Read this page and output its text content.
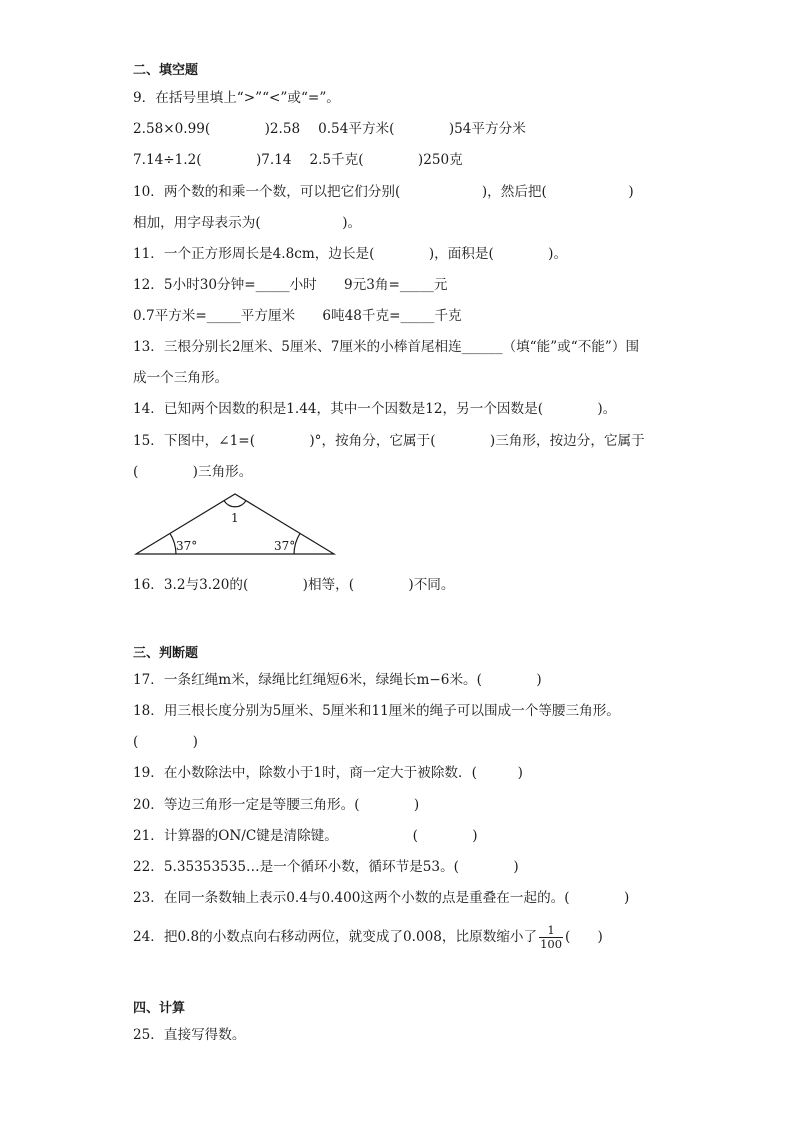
二、填空题
9．在括号里填上“>”“<”或“=”。
2.58×0.99(　　　　)2.58　 0.54平方米(　　　　)54平方分米
7.14÷1.2(　　　　)7.14　 2.5千克(　　　　)250克
10．两个数的和乘一个数，可以把它们分别(　　　　　　)，然后把(　　　　　　)
相加，用字母表示为(　　　　　　)。
11．一个正方形周长是4.8cm，边长是(　　　　)，面积是(　　　　)。
12．5小时30分钟=_____小时　　9元3角=_____元
0.7平方米=_____平方厘米　　6吨48千克=_____千克
13．三根分别长2厘米、5厘米、7厘米的小棒首尾相连______（填“能”或“不能”）围
成一个三角形。
14．已知两个因数的积是1.44，其中一个因数是12，另一个因数是(　　　　)。
15．下图中，∠1=(　　　　)°，按角分，它属于(　　　　)三角形，按边分，它属于
(　　　　)三角形。
1
37°	37°
16．3.2与3.20的(　　　　)相等，(　　　　)不同。
三、判断题
17．一条红绳m米，绿绳比红绳短6米，绿绳长m−6米。(　　　　)
18．用三根长度分别为5厘米、5厘米和11厘米的绳子可以围成一个等腰三角形。
(　　　　)
19．在小数除法中，除数小于1时，商一定大于被除数．(　　　)
20．等边三角形一定是等腰三角形。(　　　　)
21．计算器的ON/C键是清除键。　　　　　　(　　　　)
22．5.35353535…是一个循环小数，循环节是53。(　　　　)
23．在同一条数轴上表示0.4与0.400这两个小数的点是重叠在一起的。(　　　　)
24．把0.8的小数点向右移动两位，就变成了0.008，比原数缩小了 $\frac{1}{100}$ (　　)
四、计算
25．直接写得数。
